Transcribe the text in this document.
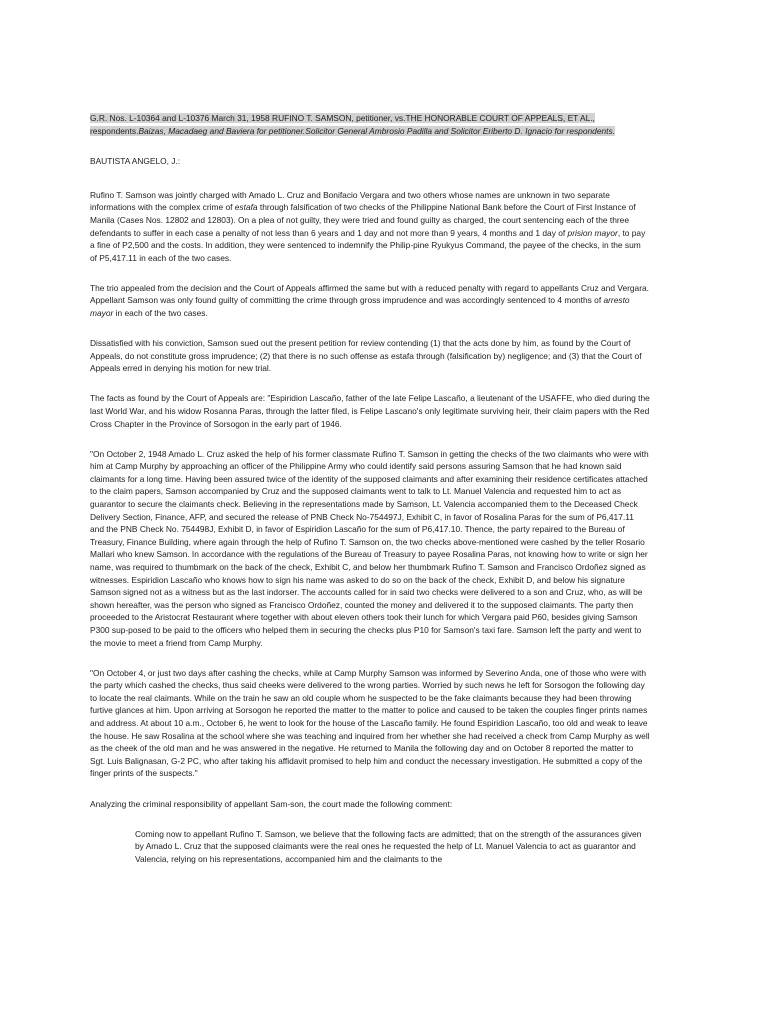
G.R. Nos. L-10364 and L-10376 March 31, 1958 RUFINO T. SAMSON, petitioner, vs.THE HONORABLE COURT OF APPEALS, ET AL., respondents.Baizas, Macadaeg and Baviera for petitioner.Solicitor General Ambrosio Padilla and Solicitor Eriberto D. Ignacio for respondents.

BAUTISTA ANGELO, J.:

Rufino T. Samson was jointly charged with Amado L. Cruz and Bonifacio Vergara and two others whose names are unknown in two separate informations with the complex crime of estafa through falsification of two checks of the Philippine National Bank before the Court of First Instance of Manila (Cases Nos. 12802 and 12803). On a plea of not guilty, they were tried and found guilty as charged, the court sentencing each of the three defendants to suffer in each case a penalty of not less than 6 years and 1 day and not more than 9 years, 4 months and 1 day of prision mayor, to pay a fine of P2,500 and the costs. In addition, they were sentenced to indemnify the Philip-pine Ryukyus Command, the payee of the checks, in the sum of P5,417.11 in each of the two cases.

The trio appealed from the decision and the Court of Appeals affirmed the same but with a reduced penalty with regard to appellants Cruz and Vergara. Appellant Samson was only found guilty of committing the crime through gross imprudence and was accordingly sentenced to 4 months of arresto mayor in each of the two cases.

Dissatisfied with his conviction, Samson sued out the present petition for review contending (1) that the acts done by him, as found by the Court of Appeals, do not constitute gross imprudence; (2) that there is no such offense as estafa through (falsification by) negligence; and (3) that the Court of Appeals erred in denying his motion for new trial.

The facts as found by the Court of Appeals are: "Espiridion Lascaño, father of the late Felipe Lascaño, a lieutenant of the USAFFE, who died during the last World War, and his widow Rosanna Paras, through the latter filed, is Felipe Lascano's only legitimate surviving heir, their claim papers with the Red Cross Chapter in the Province of Sorsogon in the early part of 1946.

"On October 2, 1948 Amado L. Cruz asked the help of his former classmate Rufino T. Samson in getting the checks of the two claimants who were with him at Camp Murphy by approaching an officer of the Philippine Army who could identify said persons assuring Samson that he had known said claimants for a long time. Having been assured twice of the identity of the supposed claimants and after examining their residence certificates attached to the claim papers, Samson accompanied by Cruz and the supposed claimants went to talk to Lt. Manuel Valencia and requested him to act as guarantor to secure the claimants check. Believing in the representations made by Samson, Lt. Valencia accompanied them to the Deceased Check Delivery Section, Finance, AFP, and secured the release of PNB Check No-754497J, Exhibit C, in favor of Rosalina Paras for the sum of P6,417.11 and the PNB Check No. 754498J, Exhibit D, in favor of Espiridion Lascaño for the sum of P6,417.10. Thence, the party repaired to the Bureau of Treasury, Finance Building, where again through the help of Rufino T. Samson on, the two checks above-mentioned were cashed by the teller Rosario Mallari who knew Samson. In accordance with the regulations of the Bureau of Treasury to payee Rosalina Paras, not knowing how to write or sign her name, was required to thumbmark on the back of the check, Exhibit C, and below her thumbmark Rufino T. Samson and Francisco Ordoñez signed as witnesses. Espiridion Lascaño who knows how to sign his name was asked to do so on the back of the check, Exhibit D, and below his signature Samson signed not as a witness but as the last indorser. The accounts called for in said two checks were delivered to a son and Cruz, who, as will be shown hereafter, was the person who signed as Francisco Ordoñez, counted the money and delivered it to the supposed claimants. The party then proceeded to the Aristocrat Restaurant where together with about eleven others took their lunch for which Vergara paid P60, besides giving Samson P300 sup-posed to be paid to the officers who helped them in securing the checks plus P10 for Samson's taxi fare. Samson left the party and went to the movie to meet a friend from Camp Murphy.

"On October 4, or just two days after cashing the checks, while at Camp Murphy Samson was informed by Severino Anda, one of those who were with the party which cashed the checks, thus said cheeks were delivered to the wrong parties. Worried by such news he left for Sorsogon the following day to locate the real claimants. While on the train he saw an old couple whom he suspected to be the fake claimants because they had been throwing furtive glances at him. Upon arriving at Sorsogon he reported the matter to the matter to police and caused to be taken the couples finger prints names and address. At about 10 a.m., October 6, he went to look for the house of the Lascaño family. He found Espiridion Lascaño, too old and weak to leave the house. He saw Rosalina at the school where she was teaching and inquired from her whether she had received a check from Camp Murphy as well as the cheek of the old man and he was answered in the negative. He returned to Manila the following day and on October 8 reported the matter to Sgt. Luis Balignasan, G-2 PC, who after taking his affidavit promised to help him and conduct the necessary investigation. He submitted a copy of the finger prints of the suspects."

Analyzing the criminal responsibility of appellant Sam-son, the court made the following comment:

Coming now to appellant Rufino T. Samson, we believe that the following facts are admitted; that on the strength of the assurances given by Amado L. Cruz that the supposed claimants were the real ones he requested the help of Lt. Manuel Valencia to act as guarantor and Valencia, relying on his representations, accompanied him and the claimants to the
